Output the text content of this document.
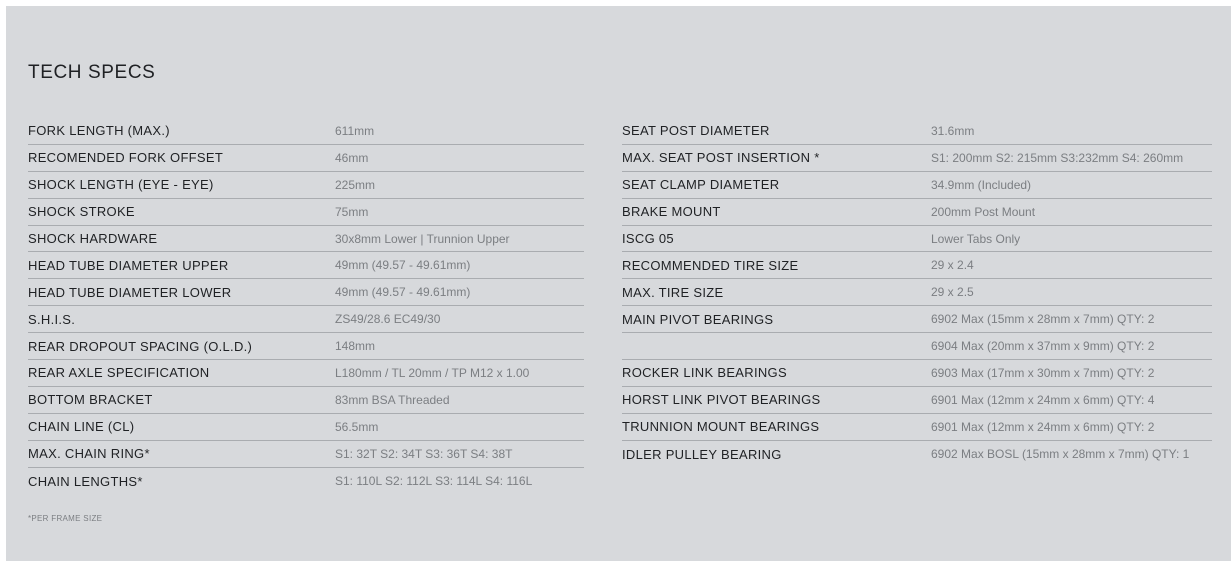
TECH SPECS
FORK LENGTH (MAX.)	611mm
RECOMENDED FORK OFFSET	46mm
SHOCK LENGTH (EYE - EYE)	225mm
SHOCK STROKE	75mm
SHOCK HARDWARE	30x8mm Lower | Trunnion Upper
HEAD TUBE DIAMETER UPPER	49mm (49.57 - 49.61mm)
HEAD TUBE DIAMETER LOWER	49mm (49.57 - 49.61mm)
S.H.I.S.	ZS49/28.6 EC49/30
REAR DROPOUT SPACING (O.L.D.)	148mm
REAR AXLE SPECIFICATION	L180mm / TL 20mm / TP M12 x 1.00
BOTTOM BRACKET	83mm BSA Threaded
CHAIN LINE (CL)	56.5mm
MAX. CHAIN RING*	S1: 32T S2: 34T S3: 36T S4: 38T
CHAIN LENGTHS*	S1: 110L S2: 112L S3: 114L S4: 116L
SEAT POST DIAMETER	31.6mm
MAX. SEAT POST INSERTION *	S1: 200mm S2: 215mm S3:232mm S4: 260mm
SEAT CLAMP DIAMETER	34.9mm (Included)
BRAKE MOUNT	200mm Post Mount
ISCG 05	Lower Tabs Only
RECOMMENDED TIRE SIZE	29 x 2.4
MAX. TIRE SIZE	29 x 2.5
MAIN PIVOT BEARINGS	6902 Max (15mm x 28mm x 7mm) QTY: 2
6904 Max (20mm x 37mm x 9mm) QTY: 2
ROCKER LINK BEARINGS	6903 Max (17mm x 30mm x 7mm) QTY: 2
HORST LINK PIVOT BEARINGS	6901 Max (12mm x 24mm x 6mm) QTY: 4
TRUNNION MOUNT BEARINGS	6901 Max (12mm x 24mm x 6mm) QTY: 2
IDLER PULLEY BEARING	6902 Max BOSL (15mm x 28mm x 7mm) QTY: 1
*PER FRAME SIZE
